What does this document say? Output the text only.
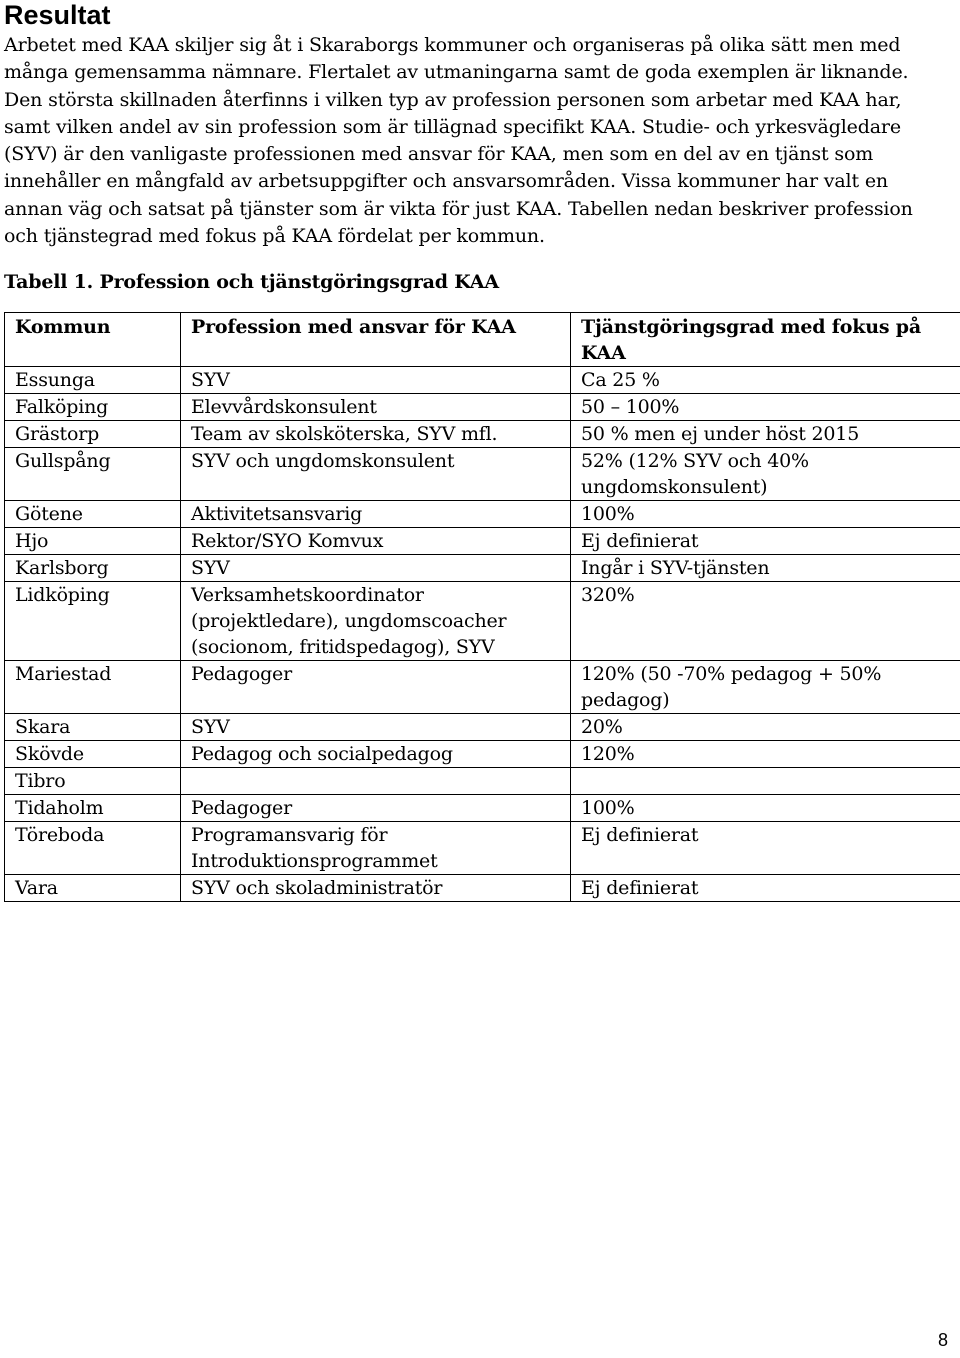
Resultat

Arbetet med KAA skiljer sig åt i Skaraborgs kommuner och organiseras på olika sätt men med
många gemensamma nämnare. Flertalet av utmaningarna samt de goda exemplen är liknande.
Den största skillnaden återfinns i vilken typ av profession personen som arbetar med KAA har,
samt vilken andel av sin profession som är tillägnad specifikt KAA. Studie- och yrkesvägledare
(SYV) är den vanligaste professionen med ansvar för KAA, men som en del av en tjänst som
innehåller en mångfald av arbetsuppgifter och ansvarsområden. Vissa kommuner har valt en
annan väg och satsat på tjänster som är vikta för just KAA. Tabellen nedan beskriver profession
och tjänstegrad med fokus på KAA fördelat per kommun.

Tabell 1. Profession och tjänstgöringsgrad KAA
Kommun	Profession med ansvar för KAA	Tjänstgöringsgrad med fokus på KAA
Essunga	SYV	Ca 25 %
Falköping	Elevvårdskonsulent	50 – 100%
Grästorp	Team av skolsköterska, SYV mfl.	50 % men ej under höst 2015
Gullspång	SYV och ungdomskonsulent	52% (12% SYV och 40% ungdomskonsulent)
Götene	Aktivitetsansvarig	100%
Hjo	Rektor/SYO Komvux	Ej definierat
Karlsborg	SYV	Ingår i SYV-tjänsten
Lidköping	Verksamhetskoordinator (projektledare), ungdomscoacher (socionom, fritidspedagog), SYV	320%
Mariestad	Pedagoger	120% (50 -70% pedagog + 50% pedagog)
Skara	SYV	20%
Skövde	Pedagog och socialpedagog	120%
Tibro		
Tidaholm	Pedagoger	100%
Töreboda	Programansvarig för Introduktionsprogrammet	Ej definierat
Vara	SYV och skoladministratör	Ej definierat
8
